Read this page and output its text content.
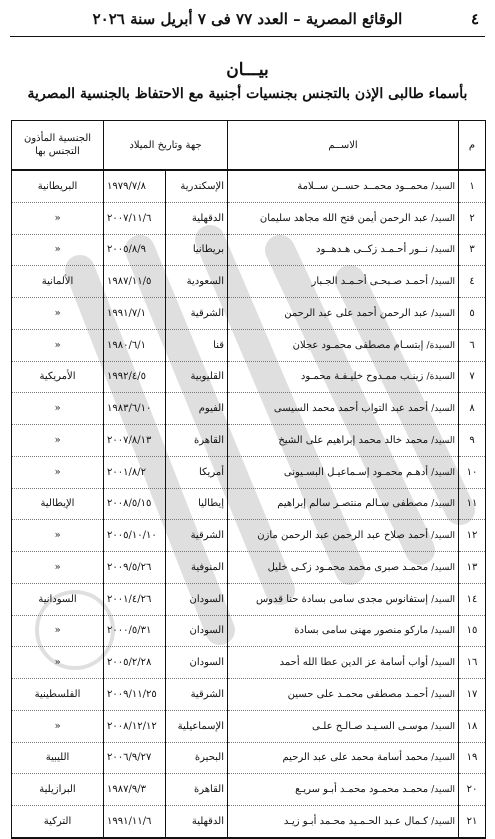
٤
الوقائع المصرية – العدد ٧٧ فى ٧ أبريل سنة ٢٠٢٦
بيـــان
بأسماء طالبى الإذن بالتجنس بجنسيات أجنبية مع الاحتفاظ بالجنسية المصرية
م	الاســم	جهة وتاريخ الميلاد		الجنسية المأذون التجنس بها
١	السيد/ محمــود محمــد حســن ســلامة	الإسكندرية	١٩٧٩/٧/٨	البريطانية
٢	السيد/ عبد الرحمن أيمن فتح الله مجاهد سليمان	الدقهلية	٢٠٠٧/١١/٦	«
٣	السيد/ نــور أحـمـد زكــى هـدهــود	بريطانيا	٢٠٠٥/٨/٩	«
٤	السيد/ أحمـد صـبحـى أحـمـد الجـبار	السعودية	١٩٨٧/١١/٥	الألمانية
٥	السيد/ عبد الرحمن أحمد على عبد الرحمن	الشرقية	١٩٩١/٧/١	«
٦	السيدة/ إبتسـام مصطفى محمـود عجلان	قنا	١٩٨٠/٦/١	«
٧	السيدة/ زينـب ممـدوح خليـفـة محمـود	القليوبية	١٩٩٢/٤/٥	الأمريكية
٨	السيد/ أحمد عبد التواب أحمد محمد السيسى	الفيوم	١٩٨٣/٦/١٠	«
٩	السيد/ محمد خالد محمد إبراهيم على الشيخ	القاهرة	٢٠٠٧/٨/١٣	«
١٠	السيد/ أدهـم محمـود إسـماعيـل البسـيونى	أمريكا	٢٠٠١/٨/٢	«
١١	السيد/ مصطفى سـالم منتصـر سالم إبراهيم	إيطاليا	٢٠٠٨/٥/١٥	الإيطالية
١٢	السيد/ أحمد صلاح عبد الرحمن عبد الرحمن مازن	الشرقية	٢٠٠٥/١٠/١٠	«
١٣	السيد/ محمـد صبرى محمد محمـود زكـى خليل	المنوفية	٢٠٠٩/٥/٢٦	«
١٤	السيد/ إستفانوس مجدى سامى بسادة حنا قدوس	السودان	٢٠٠١/٤/٢٦	السودانية
١٥	السيد/ ماركو منصور مهنى سامى بسادة	السودان	٢٠٠٠/٥/٣١	«
١٦	السيد/ أواب أسامة عز الدين عطا الله أحمد	السودان	٢٠٠٥/٢/٢٨	«
١٧	السيد/ أحمـد مصطفى محمـد على حسين	الشرقية	٢٠٠٩/١١/٢٥	الفلسطينية
١٨	السيد/ موسـى السـيـد صـالـح علـى	الإسماعيلية	٢٠٠٨/١٢/١٢	«
١٩	السيد/ محمد أسامة محمد على عبد الرحيم	البحيرة	٢٠٠٦/٩/٢٧	الليبية
٢٠	السيد/ محمـد محمـود محمـد أبـو سريـع	القاهرة	١٩٨٧/٩/٣	البرازيلية
٢١	السيد/ كـمال عـبد الحـمـيد محـمد أبـو زيـد	الدقهلية	١٩٩١/١١/٦	التركية
